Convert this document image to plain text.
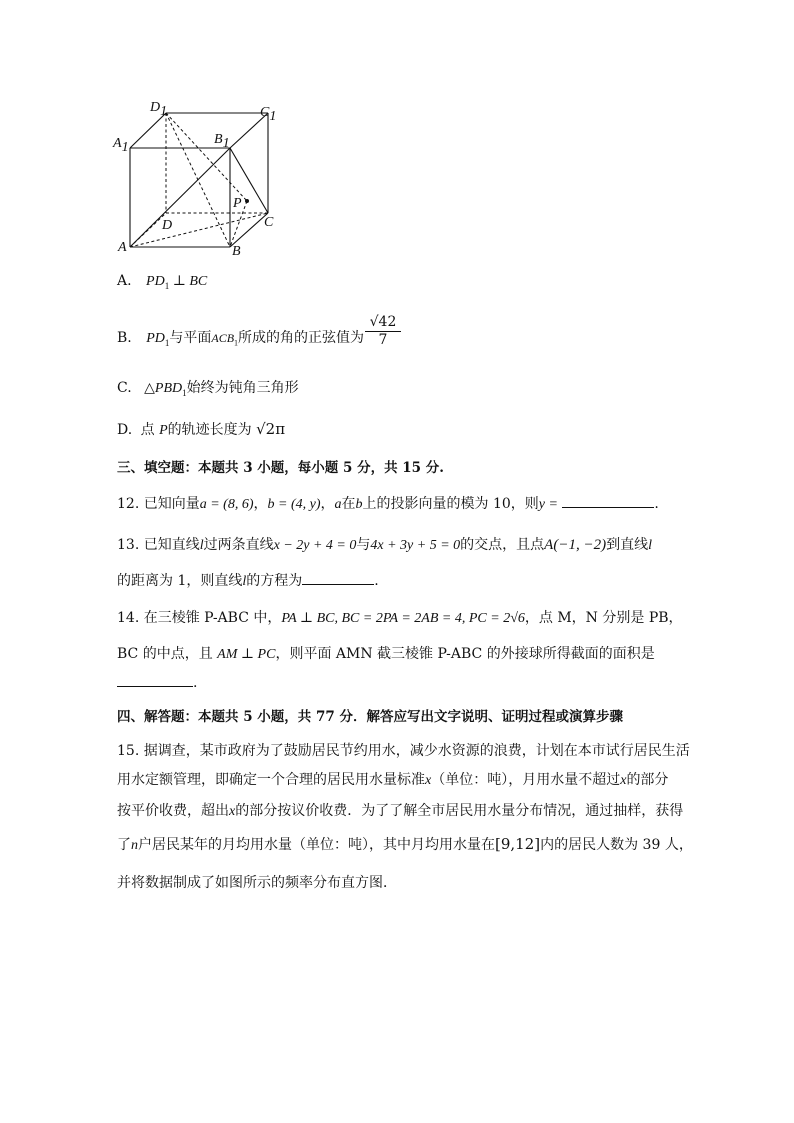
D1	C1
A1
B1
P
C
D
A	B
A. $PD_1$ ⊥ BC
B. $PD_1$与平面$ACB_1$所成的角的正弦值为 $\frac{√42}{7}$
C. $\triangle PBD_1$始终为钝角三角形
D. 点 P的轨迹长度为 √2π
三、填空题：本题共 3 小题，每小题 5 分，共 15 分.
12. 已知向量a = (8, 6)，b = (4, y)，a在b上的投影向量的模为 10，则y =	.
13. 已知直线l过两条直线x − 2y + 4 = 0与4x + 3y + 5 = 0的交点，且点A(−1, −2)到直线l
的距离为 1，则直线l的方程为	.
14. 在三棱锥 P-ABC 中，PA ⊥ BC, BC = 2PA = 2AB = 4, PC = 2√6，点 M，N 分别是 PB，
BC 的中点，且 AM ⊥ PC，则平面 AMN 截三棱锥 P-ABC 的外接球所得截面的面积是
.
四、解答题：本题共 5 小题，共 77 分．解答应写出文字说明、证明过程或演算步骤
15. 据调查，某市政府为了鼓励居民节约用水，减少水资源的浪费，计划在本市试行居民生活
用水定额管理，即确定一个合理的居民用水量标准x（单位：吨），月用水量不超过x的部分
按平价收费，超出x的部分按议价收费．为了了解全市居民用水量分布情况，通过抽样，获得
了n户居民某年的月均用水量（单位：吨），其中月均用水量在[9,12]内的居民人数为 39 人，
并将数据制成了如图所示的频率分布直方图．
